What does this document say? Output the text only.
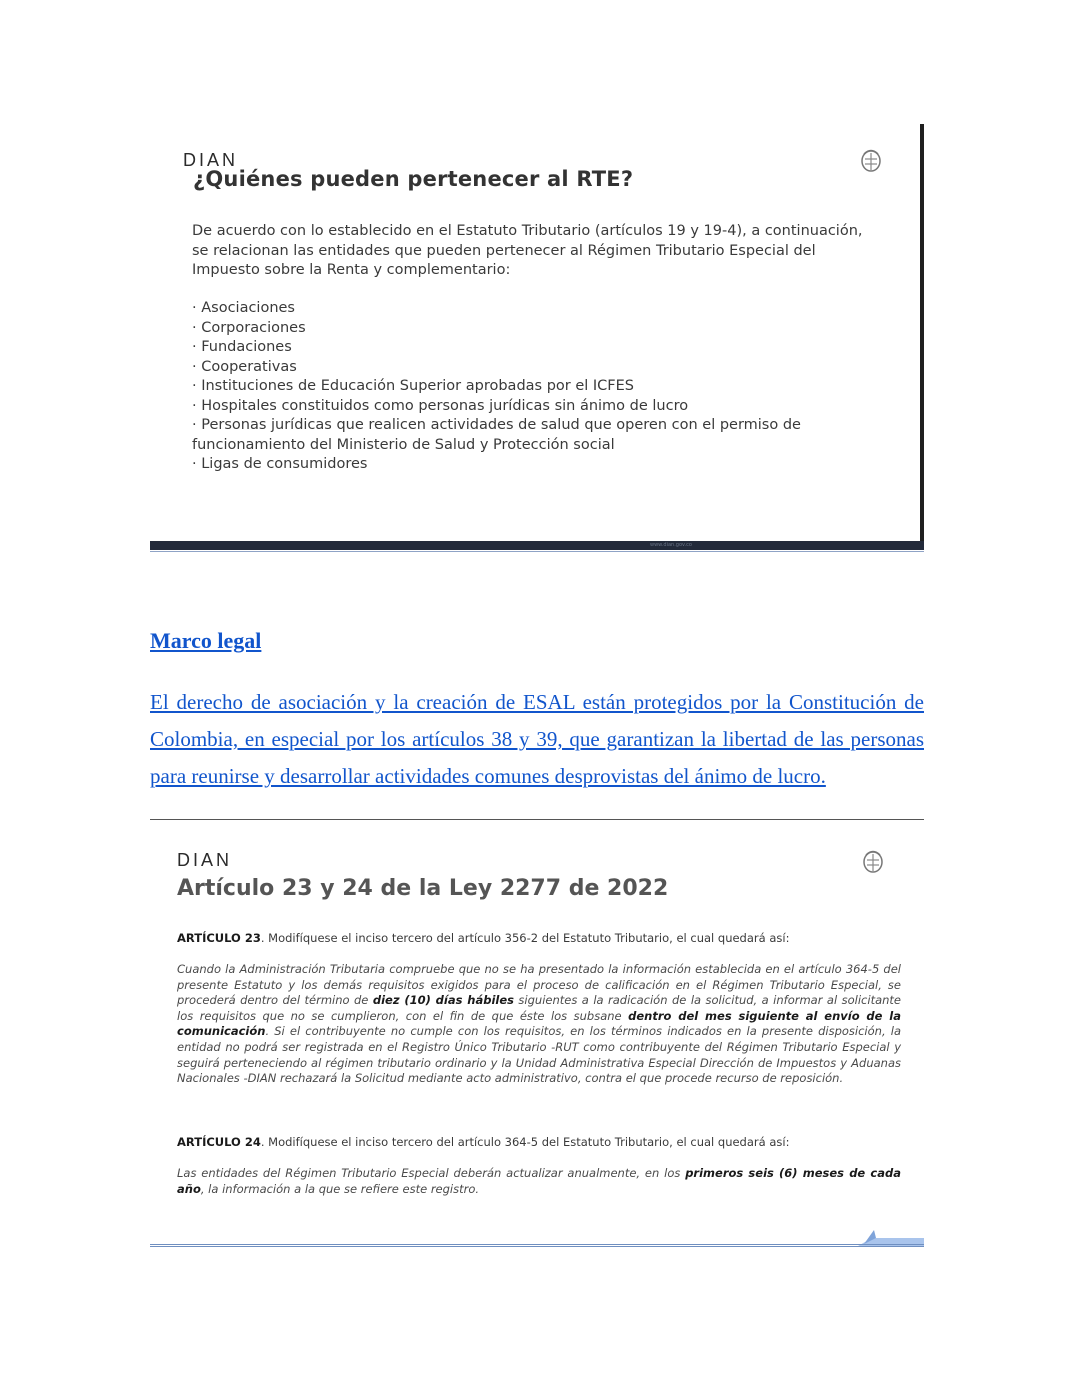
DIAN
¿Quiénes pueden pertenecer al RTE?
De acuerdo con lo establecido en el Estatuto Tributario (artículos 19 y 19-4), a continuación, se relacionan las entidades que pueden pertenecer al Régimen Tributario Especial del Impuesto sobre la Renta y complementario:
· Asociaciones
· Corporaciones
· Fundaciones
· Cooperativas
· Instituciones de Educación Superior aprobadas por el ICFES
· Hospitales constituidos como personas jurídicas sin ánimo de lucro
· Personas jurídicas que realicen actividades de salud que operen con el permiso de funcionamiento del Ministerio de Salud y Protección social
· Ligas de consumidores
www.dian.gov.co
Marco legal

El derecho de asociación y la creación de ESAL están protegidos por la Constitución de Colombia, en especial por los artículos 38 y 39, que garantizan la libertad de las personas para reunirse y desarrollar actividades comunes desprovistas del ánimo de lucro.

DIAN
Artículo 23 y 24 de la Ley 2277 de 2022
ARTÍCULO 23. Modifíquese el inciso tercero del artículo 356-2 del Estatuto Tributario, el cual quedará así:

Cuando la Administración Tributaria compruebe que no se ha presentado la información establecida en el artículo 364-5 del presente Estatuto y los demás requisitos exigidos para el proceso de calificación en el Régimen Tributario Especial, se procederá dentro del término de diez (10) días hábiles siguientes a la radicación de la solicitud, a informar al solicitante los requisitos que no se cumplieron, con el fin de que éste los subsane dentro del mes siguiente al envío de la comunicación. Si el contribuyente no cumple con los requisitos, en los términos indicados en la presente disposición, la entidad no podrá ser registrada en el Registro Único Tributario -RUT como contribuyente del Régimen Tributario Especial y seguirá perteneciendo al régimen tributario ordinario y la Unidad Administrativa Especial Dirección de Impuestos y Aduanas Nacionales -DIAN rechazará la Solicitud mediante acto administrativo, contra el que procede recurso de reposición.

ARTÍCULO 24. Modifíquese el inciso tercero del artículo 364-5 del Estatuto Tributario, el cual quedará así:

Las entidades del Régimen Tributario Especial deberán actualizar anualmente, en los primeros seis (6) meses de cada año, la información a la que se refiere este registro.
